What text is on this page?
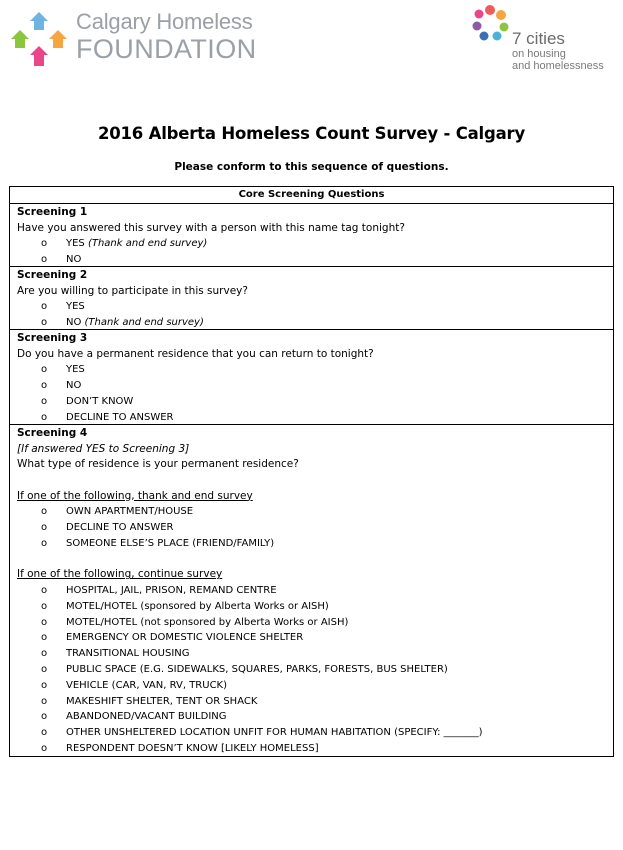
Calgary Homeless
FOUNDATION	7 cities
on housing
and homelessness
2016 Alberta Homeless Count Survey - Calgary
Please conform to this sequence of questions.
Core Screening Questions
Screening 1
Have you answered this survey with a person with this name tag tonight?
o YES (Thank and end survey)
o NO
Screening 2
Are you willing to participate in this survey?
o YES
o NO (Thank and end survey)
Screening 3
Do you have a permanent residence that you can return to tonight?
o YES
o NO
o DON’T KNOW
o DECLINE TO ANSWER
Screening 4
[If answered YES to Screening 3]
What type of residence is your permanent residence?
If one of the following, thank and end survey
o OWN APARTMENT/HOUSE
o DECLINE TO ANSWER
o SOMEONE ELSE’S PLACE (FRIEND/FAMILY)
If one of the following, continue survey
o HOSPITAL, JAIL, PRISON, REMAND CENTRE
o MOTEL/HOTEL (sponsored by Alberta Works or AISH)
o MOTEL/HOTEL (not sponsored by Alberta Works or AISH)
o EMERGENCY OR DOMESTIC VIOLENCE SHELTER
o TRANSITIONAL HOUSING
o PUBLIC SPACE (E.G. SIDEWALKS, SQUARES, PARKS, FORESTS, BUS SHELTER)
o VEHICLE (CAR, VAN, RV, TRUCK)
o MAKESHIFT SHELTER, TENT OR SHACK
o ABANDONED/VACANT BUILDING
o OTHER UNSHELTERED LOCATION UNFIT FOR HUMAN HABITATION (SPECIFY: _______)
o RESPONDENT DOESN’T KNOW [LIKELY HOMELESS]
